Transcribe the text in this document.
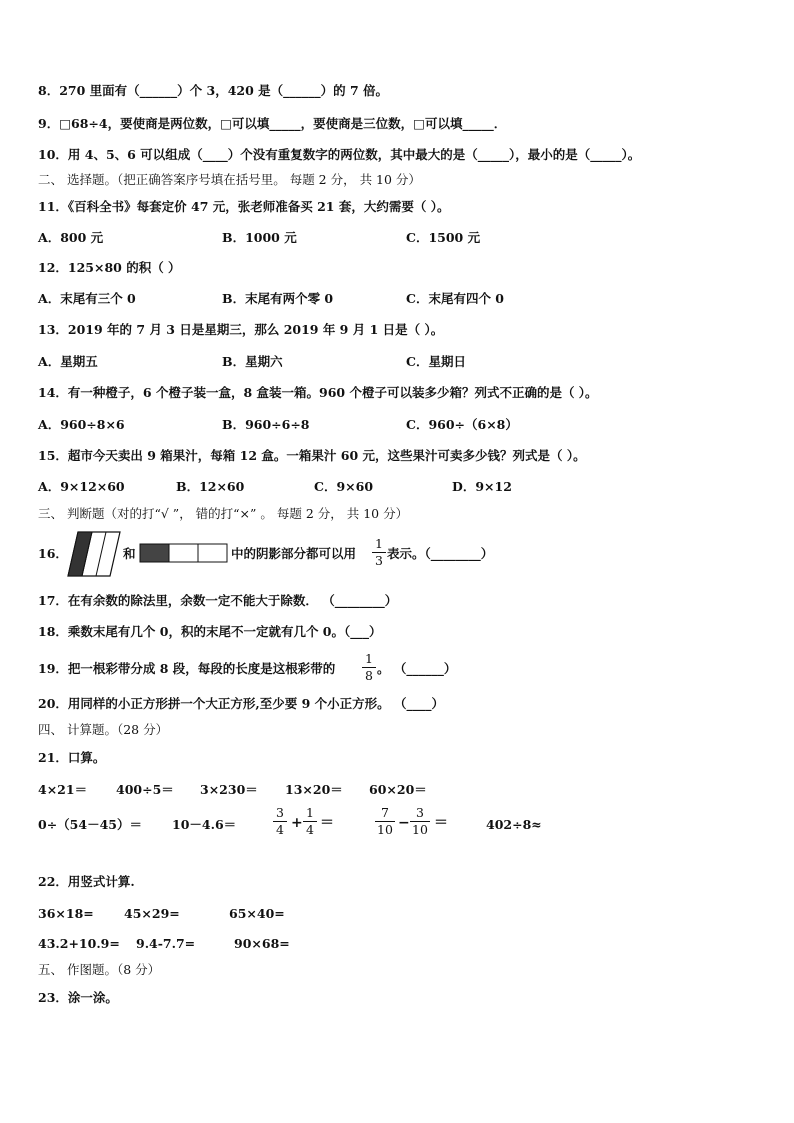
8．270 里面有（______）个 3，420 是（______）的 7 倍。
9．□68÷4，要使商是两位数，□可以填_____，要使商是三位数，□可以填_____．
10．用 4、5、6 可以组成（____）个没有重复数字的两位数，其中最大的是（_____），最小的是（_____）。
二、 选择题。（把正确答案序号填在括号里。 每题 2 分， 共 10 分）
11．《百科全书》每套定价 47 元，张老师准备买 21 套，大约需要（ ）。
A．800 元	B．1000 元	C．1500 元
12．125×80 的积（ ）
A．末尾有三个 0	B．末尾有两个零 0	C．末尾有四个 0
13．2019 年的 7 月 3 日是星期三，那么 2019 年 9 月 1 日是（ ）。
A．星期五	B．星期六	C．星期日
14．有一种橙子，6 个橙子装一盒，8 盒装一箱。960 个橙子可以装多少箱？列式不正确的是（ ）。
A．960÷8×6	B．960÷6÷8	C．960÷（6×8）
15．超市今天卖出 9 箱果汁，每箱 12 盒。一箱果汁 60 元，这些果汁可卖多少钱？列式是（ ）。
A．9×12×60	B．12×60	C．9×60	D．9×12
三、 判断题（对的打“√ ”， 错的打“×” 。 每题 2 分， 共 10 分）
16．	和	中的阴影部分都可以用
1
3 表示。（________）
17．在有余数的除法里，余数一定不能大于除数． （________）
18．乘数末尾有几个 0，积的末尾不一定就有几个 0。（___）
19．把一根彩带分成 8 段，每段的长度是这根彩带的
1
8 。 （______）
20．用同样的小正方形拼一个大正方形,至少要 9 个小正方形。 （____）
四、 计算题。（28 分）
21．口算。
4×21＝ 400÷5＝ 3×230＝ 13×20＝ 60×20＝
0÷（54－45）＝ 10－4.6＝
3
4 +
1
4 ＝
7
10 −
3
10 ＝	402÷8≈
22．用竖式计算.
36×18= 45×29=	65×40=
43.2+10.9= 9.4-7.7=	90×68=
五、 作图题。（8 分）
23．涂一涂。
